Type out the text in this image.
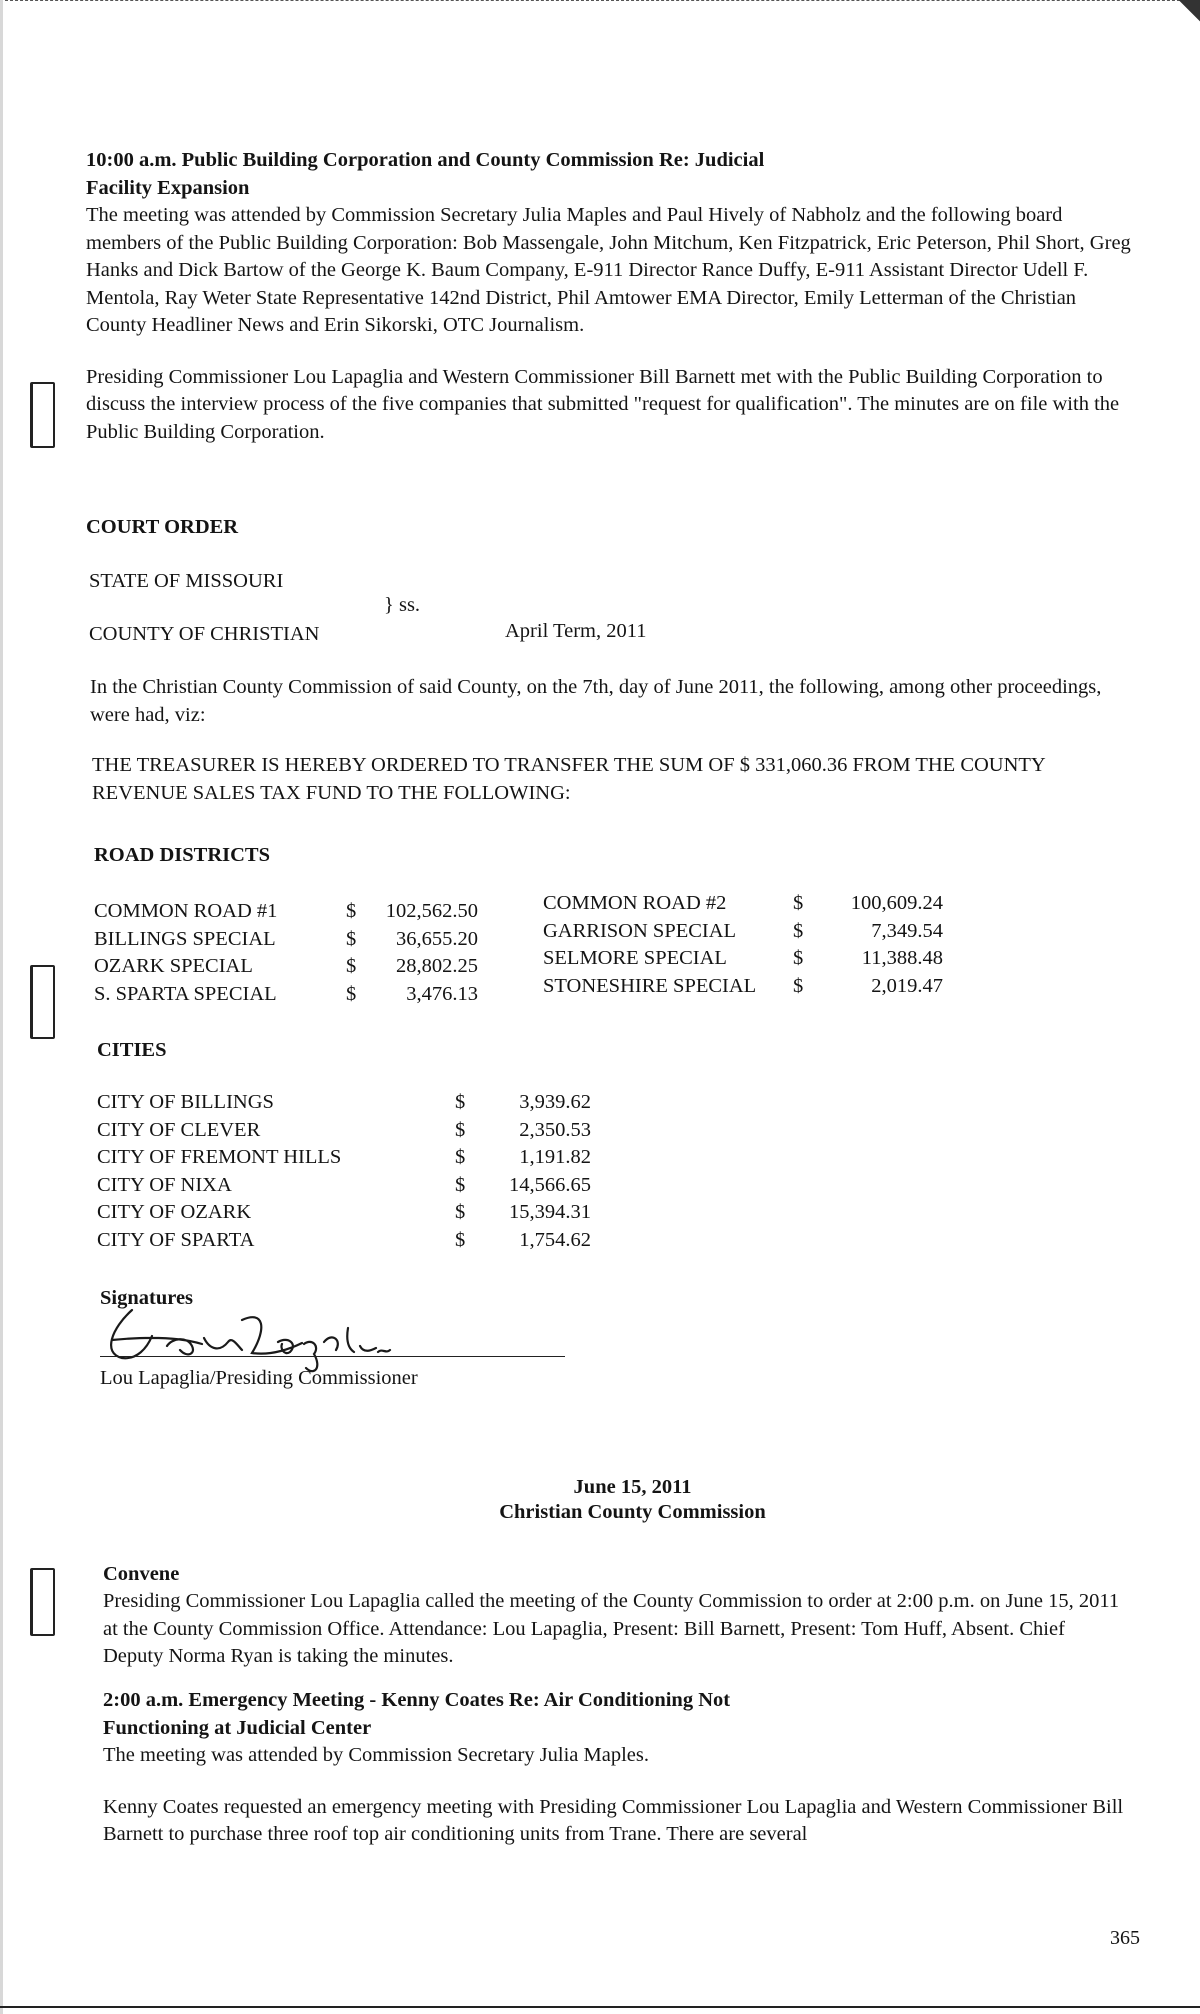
10:00 a.m. Public Building Corporation and County Commission Re: Judicial
Facility Expansion
The meeting was attended by Commission Secretary Julia Maples and Paul Hively of Nabholz and the following board members of the Public Building Corporation: Bob Massengale, John Mitchum, Ken Fitzpatrick, Eric Peterson, Phil Short, Greg Hanks and Dick Bartow of the George K. Baum Company, E-911 Director Rance Duffy, E-911 Assistant Director Udell F. Mentola, Ray Weter State Representative 142nd District, Phil Amtower EMA Director, Emily Letterman of the Christian County Headliner News and Erin Sikorski, OTC Journalism.
Presiding Commissioner Lou Lapaglia and Western Commissioner Bill Barnett met with the Public Building Corporation to discuss the interview process of the five companies that submitted "request for qualification". The minutes are on file with the Public Building Corporation.
COURT ORDER
STATE OF MISSOURI
} ss.
COUNTY OF CHRISTIAN	April Term, 2011
In the Christian County Commission of said County, on the 7th, day of June 2011, the following, among other proceedings, were had, viz:
THE TREASURER IS HEREBY ORDERED TO TRANSFER THE SUM OF $ 331,060.36 FROM THE COUNTY REVENUE SALES TAX FUND TO THE FOLLOWING:
ROAD DISTRICTS
COMMON ROAD #1	$	102,562.50
BILLINGS SPECIAL	$	36,655.20
OZARK SPECIAL	$	28,802.25
S. SPARTA SPECIAL	$	3,476.13
COMMON ROAD #2	$	100,609.24
GARRISON SPECIAL	$	7,349.54
SELMORE SPECIAL	$	11,388.48
STONESHIRE SPECIAL $	2,019.47
CITIES
CITY OF BILLINGS	$	3,939.62
CITY OF CLEVER	$	2,350.53
CITY OF FREMONT HILLS	$	1,191.82
CITY OF NIXA	$	14,566.65
CITY OF OZARK	$	15,394.31
CITY OF SPARTA	$	1,754.62
Signatures
Lou Lapaglia/Presiding Commissioner
June 15, 2011
Christian County Commission
Convene
Presiding Commissioner Lou Lapaglia called the meeting of the County Commission to order at 2:00 p.m. on June 15, 2011 at the County Commission Office. Attendance: Lou Lapaglia, Present: Bill Barnett, Present: Tom Huff, Absent. Chief Deputy Norma Ryan is taking the minutes.
2:00 a.m. Emergency Meeting - Kenny Coates Re: Air Conditioning Not
Functioning at Judicial Center
The meeting was attended by Commission Secretary Julia Maples.
Kenny Coates requested an emergency meeting with Presiding Commissioner Lou Lapaglia and Western Commissioner Bill Barnett to purchase three roof top air conditioning units from Trane. There are several
365
